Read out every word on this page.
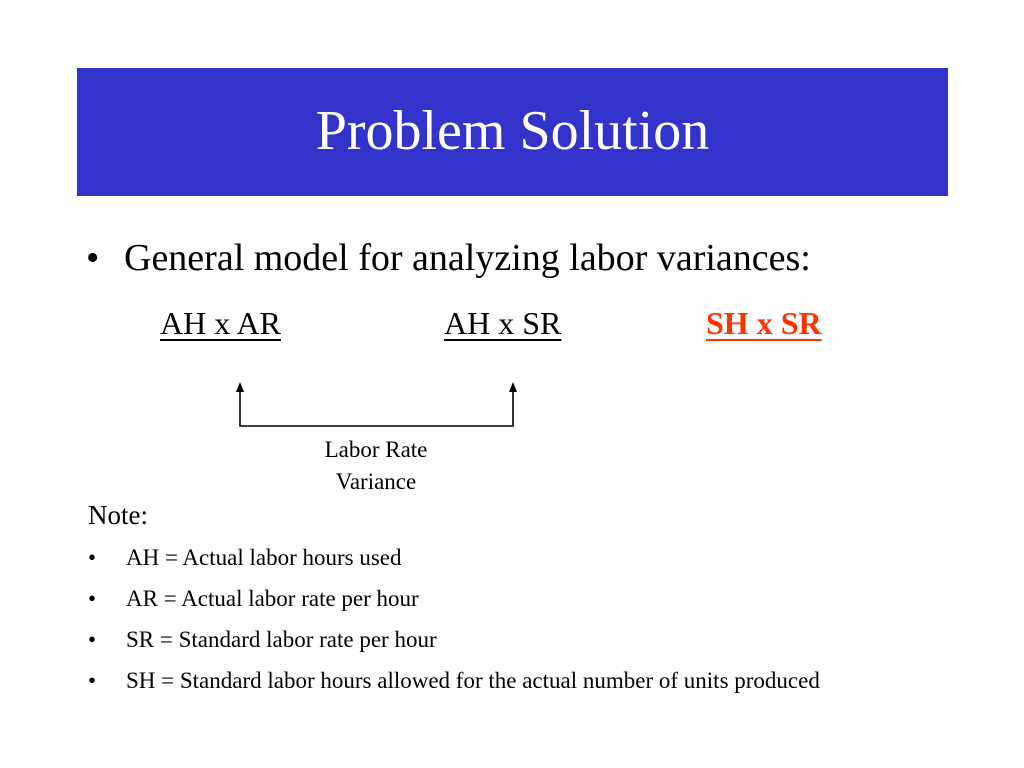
Problem Solution
• General model for analyzing labor variances:
AH x AR	AH x SR	SH x SR
Labor Rate
Variance
Note:
• AH = Actual labor hours used
• AR = Actual labor rate per hour
• SR = Standard labor rate per hour
• SH = Standard labor hours allowed for the actual number of units produced
